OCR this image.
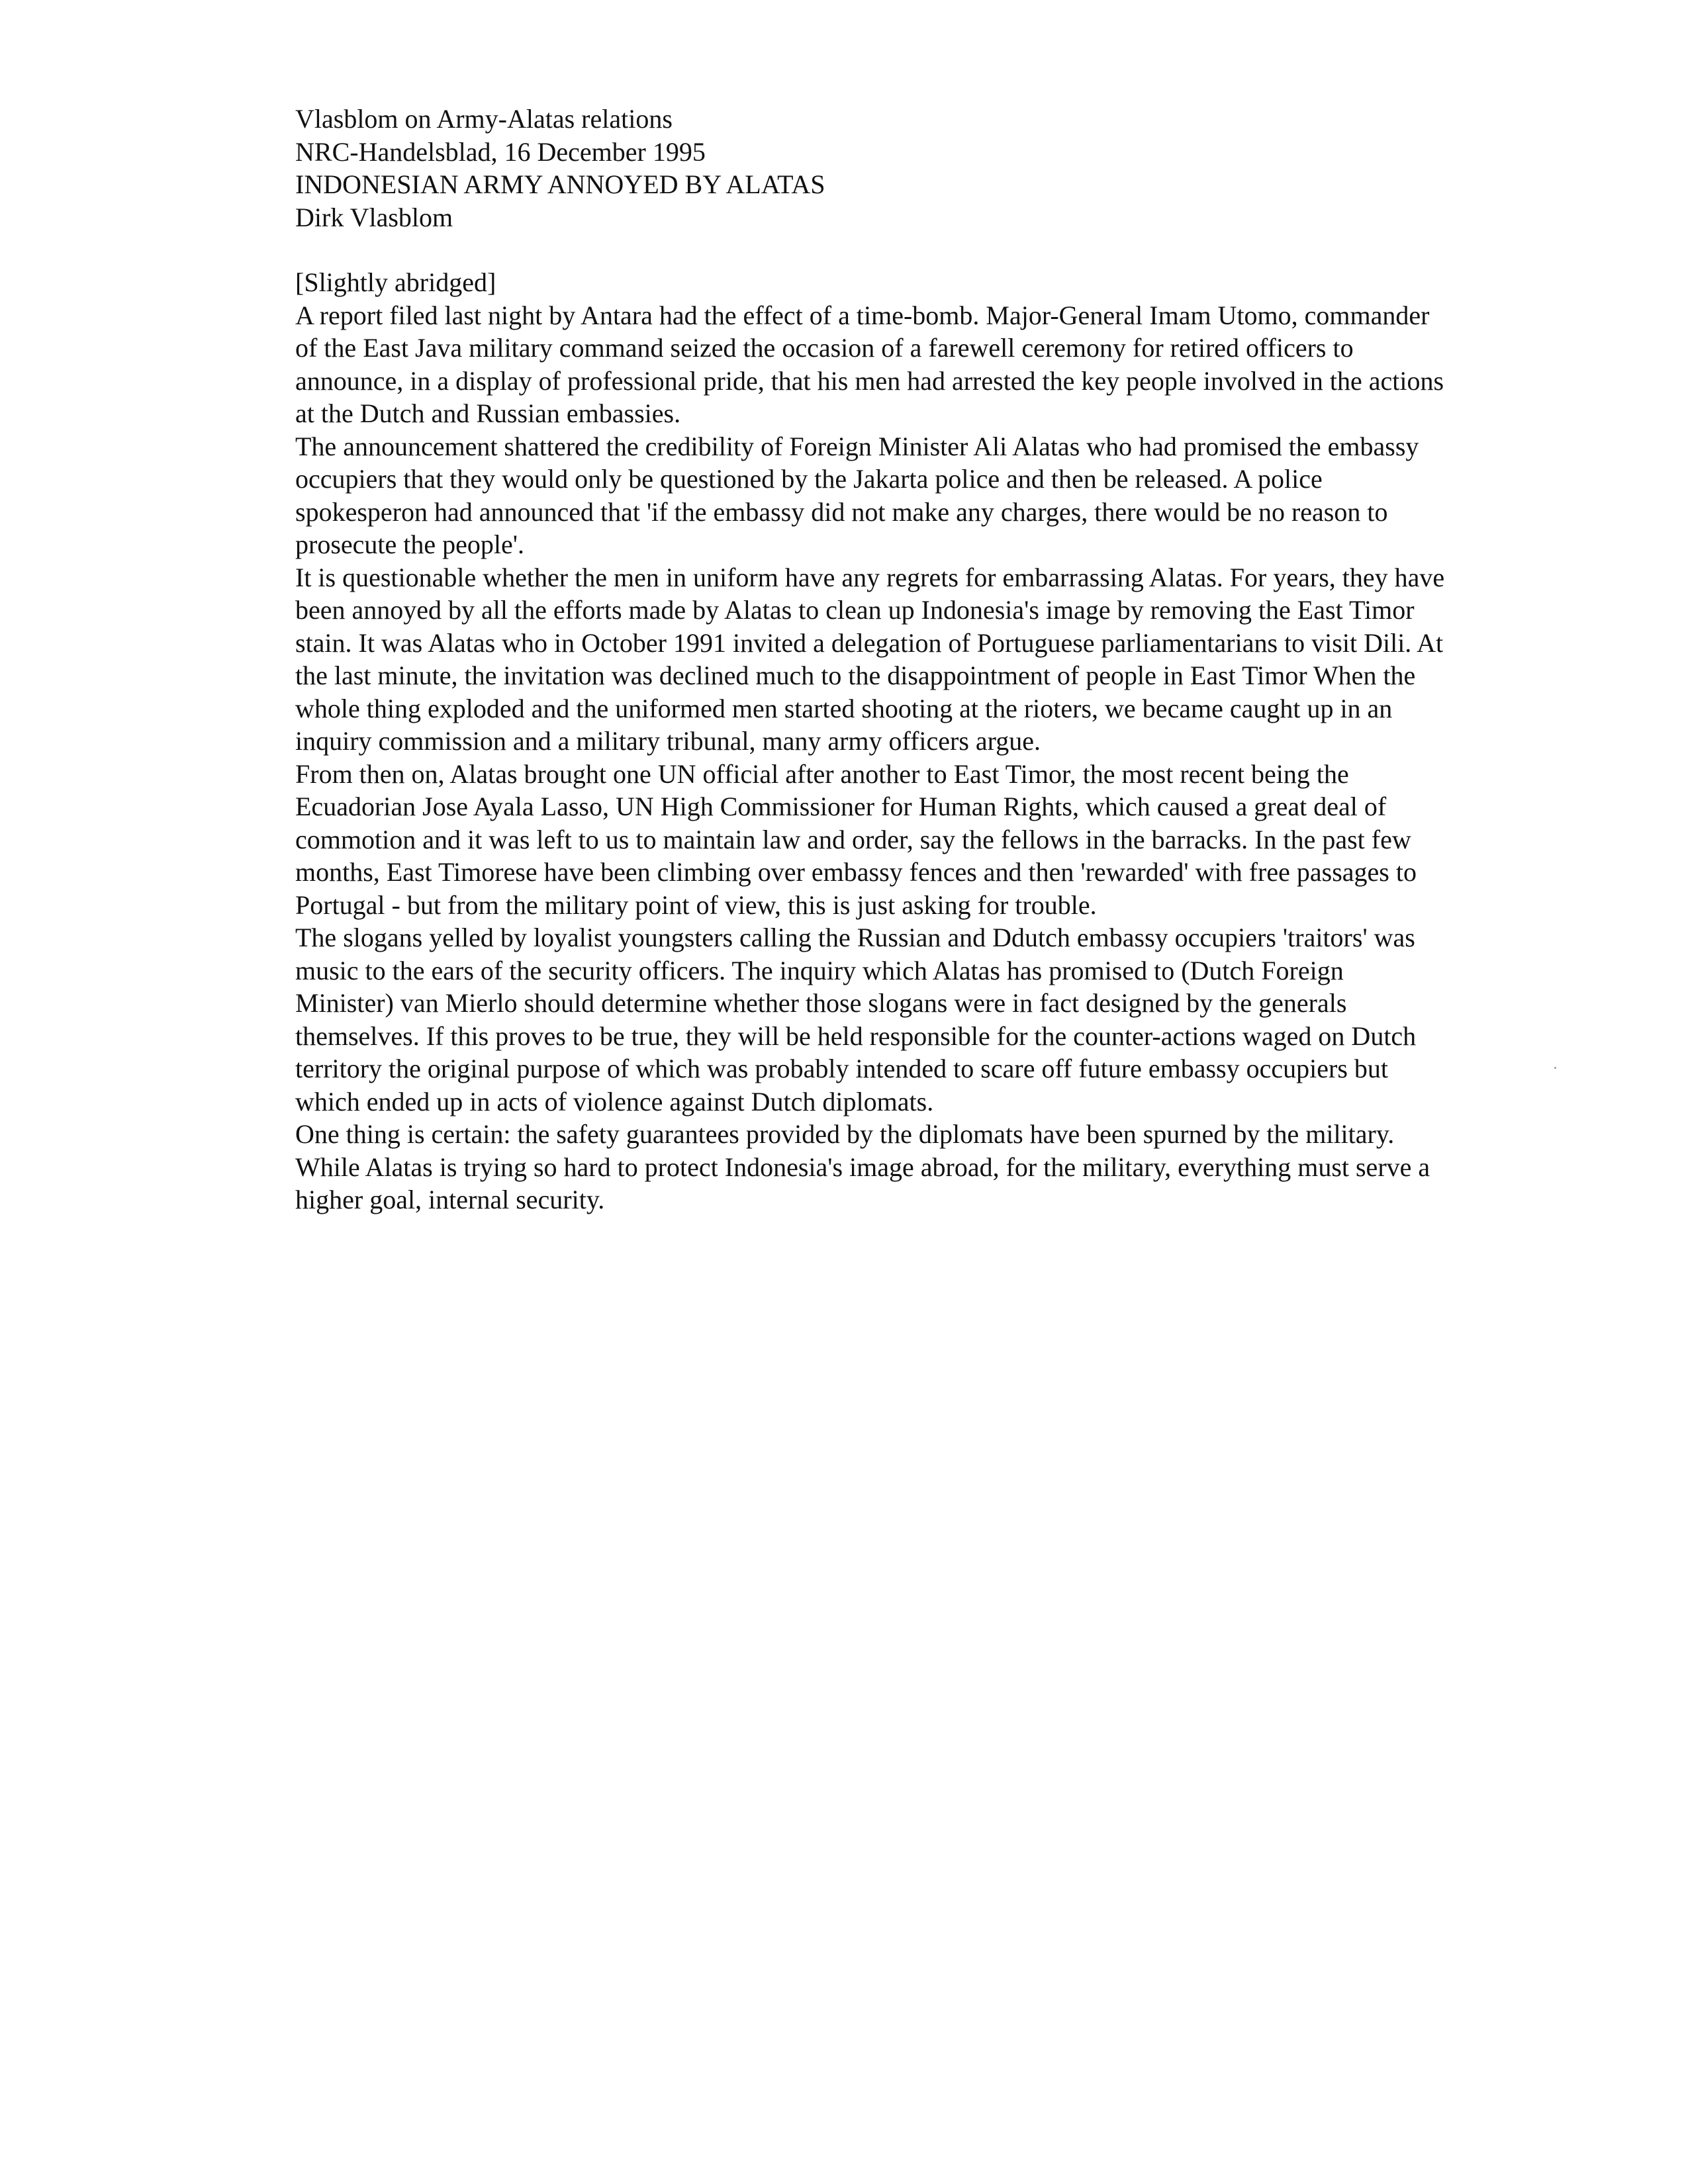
Vlasblom on Army-Alatas relations

NRC-Handelsblad, 16 December 1995

INDONESIAN ARMY ANNOYED BY ALATAS

Dirk Vlasblom

[Slightly abridged]

A report filed last night by Antara had the effect of a time-bomb. Major-General Imam Utomo, commander of the East Java military command seized the occasion of a farewell ceremony for retired officers to announce, in a display of professional pride, that his men had arrested the key people involved in the actions at the Dutch and Russian embassies.

The announcement shattered the credibility of Foreign Minister Ali Alatas who had promised the embassy occupiers that they would only be questioned by the Jakarta police and then be released. A police spokesperon had announced that 'if the embassy did not make any charges, there would be no reason to prosecute the people'.

It is questionable whether the men in uniform have any regrets for embarrassing Alatas. For years, they have been annoyed by all the efforts made by Alatas to clean up Indonesia's image by removing the East Timor stain. It was Alatas who in October 1991 invited a delegation of Portuguese parliamentarians to visit Dili. At the last minute, the invitation was declined much to the disappointment of people in East Timor When the whole thing exploded and the uniformed men started shooting at the rioters, we became caught up in an inquiry commission and a military tribunal, many army officers argue.

From then on, Alatas brought one UN official after another to East Timor, the most recent being the Ecuadorian Jose Ayala Lasso, UN High Commissioner for Human Rights, which caused a great deal of commotion and it was left to us to maintain law and order, say the fellows in the barracks. In the past few months, East Timorese have been climbing over embassy fences and then 'rewarded' with free passages to Portugal - but from the military point of view, this is just asking for trouble.

The slogans yelled by loyalist youngsters calling the Russian and Ddutch embassy occupiers 'traitors' was music to the ears of the security officers. The inquiry which Alatas has promised to (Dutch Foreign Minister) van Mierlo should determine whether those slogans were in fact designed by the generals themselves. If this proves to be true, they will be held responsible for the counter-actions waged on Dutch territory the original purpose of which was probably intended to scare off future embassy occupiers but which ended up in acts of violence against Dutch diplomats.

One thing is certain: the safety guarantees provided by the diplomats have been spurned by the military. While Alatas is trying so hard to protect Indonesia's image abroad, for the military, everything must serve a higher goal, internal security.
